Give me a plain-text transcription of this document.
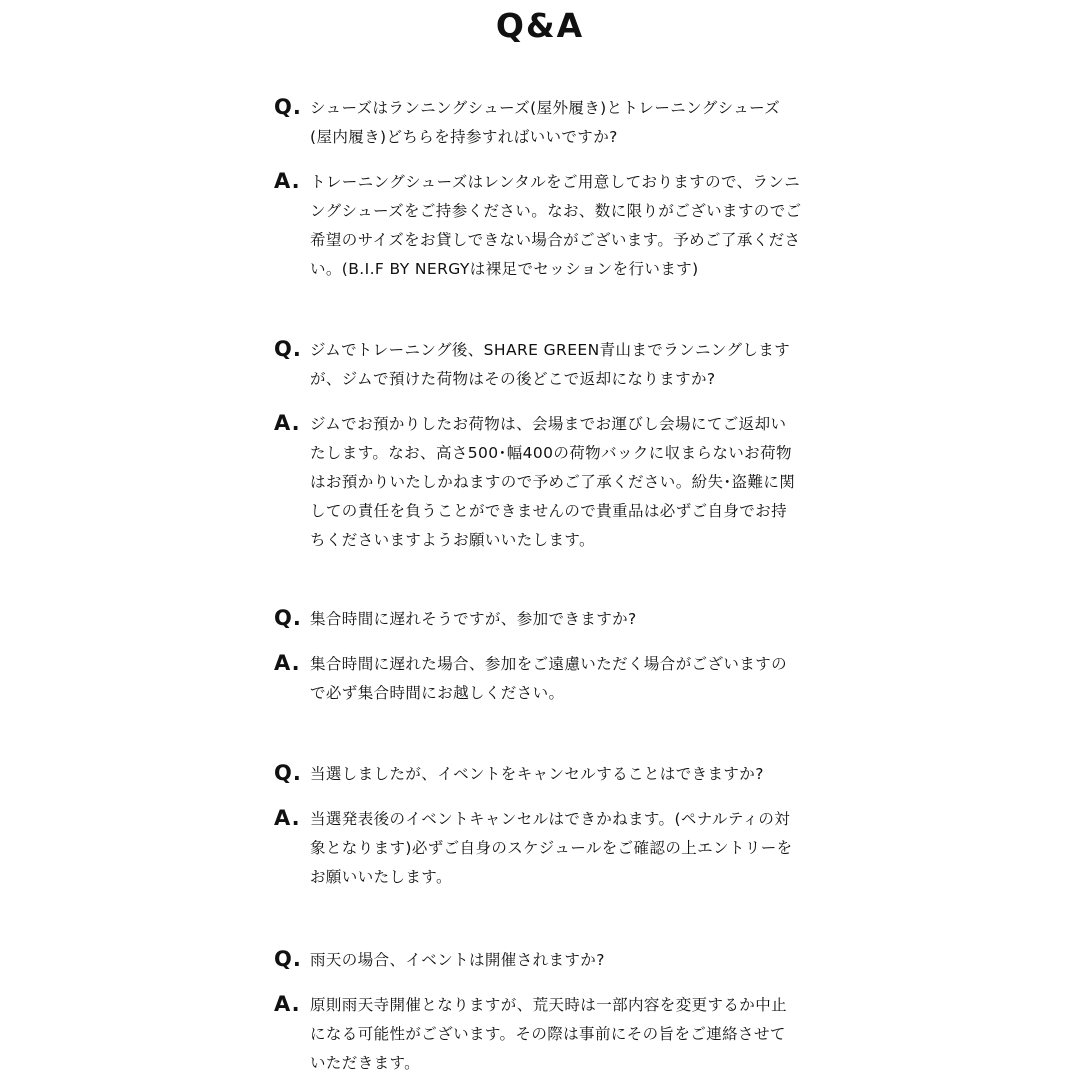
Q&A
Q. シューズはランニングシューズ(屋外履き)とトレーニングシューズ
(屋内履き)どちらを持参すればいいですか?
A. トレーニングシューズはレンタルをご用意しておりますので、ランニ
ングシューズをご持参ください。なお、数に限りがございますのでご
希望のサイズをお貸しできない場合がございます。予めご了承くださ
い。(B.I.F BY NERGYは裸足でセッションを行います)
Q. ジムでトレーニング後、SHARE GREEN青山までランニングします
が、ジムで預けた荷物はその後どこで返却になりますか?
A. ジムでお預かりしたお荷物は、会場までお運びし会場にてご返却い
たします。なお、高さ500･幅400の荷物バックに収まらないお荷物
はお預かりいたしかねますので予めご了承ください。紛失･盗難に関
しての責任を負うことができませんので貴重品は必ずご自身でお持
ちくださいますようお願いいたします。
Q. 集合時間に遅れそうですが、参加できますか?
A. 集合時間に遅れた場合、参加をご遠慮いただく場合がございますの
で必ず集合時間にお越しください。
Q. 当選しましたが、イベントをキャンセルすることはできますか?
A. 当選発表後のイベントキャンセルはできかねます。(ペナルティの対
象となります)必ずご自身のスケジュールをご確認の上エントリーを
お願いいたします。
Q. 雨天の場合、イベントは開催されますか?
A. 原則雨天寺開催となりますが、荒天時は一部内容を変更するか中止
になる可能性がございます。その際は事前にその旨をご連絡させて
いただきます。
